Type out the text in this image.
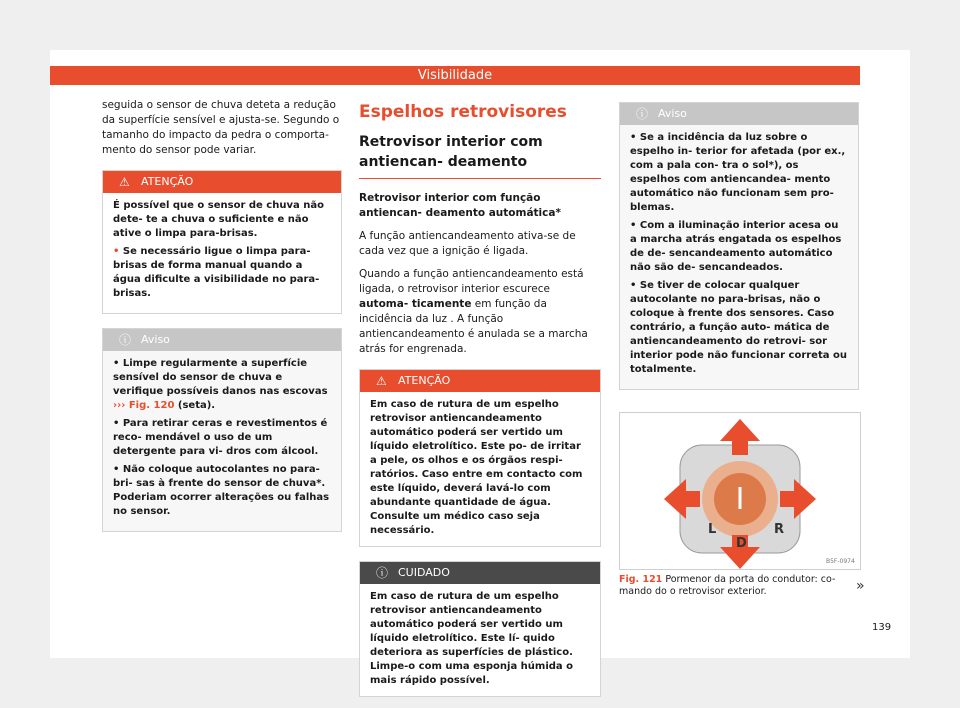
Visibilidade

seguida o sensor de chuva deteta a redução da superfície sensível e ajusta-se. Segundo o tamanho do impacto da pedra o comporta- mento do sensor pode variar.

⚠ ATENÇÃO

É possível que o sensor de chuva não dete- te a chuva o suficiente e não ative o limpa para-brisas.

• Se necessário ligue o limpa para-brisas de forma manual quando a água dificulte a visibilidade no para-brisas.

ⓘ Aviso

• Limpe regularmente a superfície sensível do sensor de chuva e verifique possíveis danos nas escovas ››› Fig. 120 (seta).

• Para retirar ceras e revestimentos é reco- mendável o uso de um detergente para vi- dros com álcool.

• Não coloque autocolantes no para-bri- sas à frente do sensor de chuva*. Poderiam ocorrer alterações ou falhas no sensor.

Espelhos retrovisores
Retrovisor interior com antiencan- deamento

Retrovisor interior com função antiencan- deamento automática*

A função antiencandeamento ativa-se de cada vez que a ignição é ligada.

Quando a função antiencandeamento está ligada, o retrovisor interior escurece automa- ticamente em função da incidência da luz . A função antiencandeamento é anulada se a marcha atrás for engrenada.

⚠ ATENÇÃO
Em caso de rutura de um espelho retrovisor antiencandeamento automático poderá ser vertido um líquido eletrolítico. Este po- de irritar a pele, os olhos e os órgãos respi- ratórios. Caso entre em contacto com este líquido, deverá lavá-lo com abundante quantidade de água. Consulte um médico caso seja necessário.
ⓘ CUIDADO
Em caso de rutura de um espelho retrovisor antiencandeamento automático poderá ser vertido um líquido eletrolítico. Este lí- quido deteriora as superfícies de plástico. Limpe-o com uma esponja húmida o mais rápido possível.
ⓘ Aviso

• Se a incidência da luz sobre o espelho in- terior for afetada (por ex., com a pala con- tra o sol*), os espelhos com antiencandea- mento automático não funcionam sem pro- blemas.

• Com a iluminação interior acesa ou a marcha atrás engatada os espelhos de de- sencandeamento automático não são de- sencandeados.

• Se tiver de colocar qualquer autocolante no para-brisas, não o coloque à frente dos sensores. Caso contrário, a função auto- mática de antiencandeamento do retrovi- sor interior pode não funcionar correta ou totalmente.

L
D
R
B5F-0974
Fig. 121 Pormenor da porta do condutor: co- mando do o retrovisor exterior.	»
139
